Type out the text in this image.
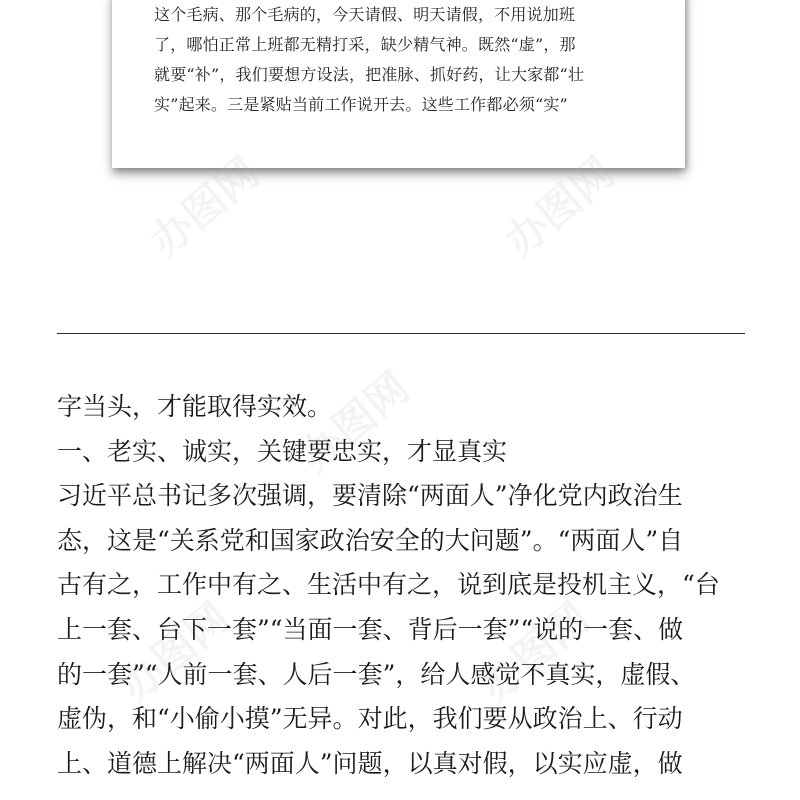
这个毛病、那个毛病的，今天请假、明天请假，不用说加班
了，哪怕正常上班都无精打采，缺少精气神。既然“虚”，那
就要“补”，我们要想方设法，把准脉、抓好药，让大家都“壮
实”起来。三是紧贴当前工作说开去。这些工作都必须“实”

办图网	办图网
办图网
办图网	办图网

字当头，才能取得实效。
一、老实、诚实，关键要忠实，才显真实
习近平总书记多次强调，要清除“两面人”净化党内政治生
态，这是“关系党和国家政治安全的大问题”。“两面人”自
古有之，工作中有之、生活中有之，说到底是投机主义，“台
上一套、台下一套”“当面一套、背后一套”“说的一套、做
的一套”“人前一套、人后一套”，给人感觉不真实，虚假、
虚伪，和“小偷小摸”无异。对此，我们要从政治上、行动
上、道德上解决“两面人”问题，以真对假，以实应虚，做
